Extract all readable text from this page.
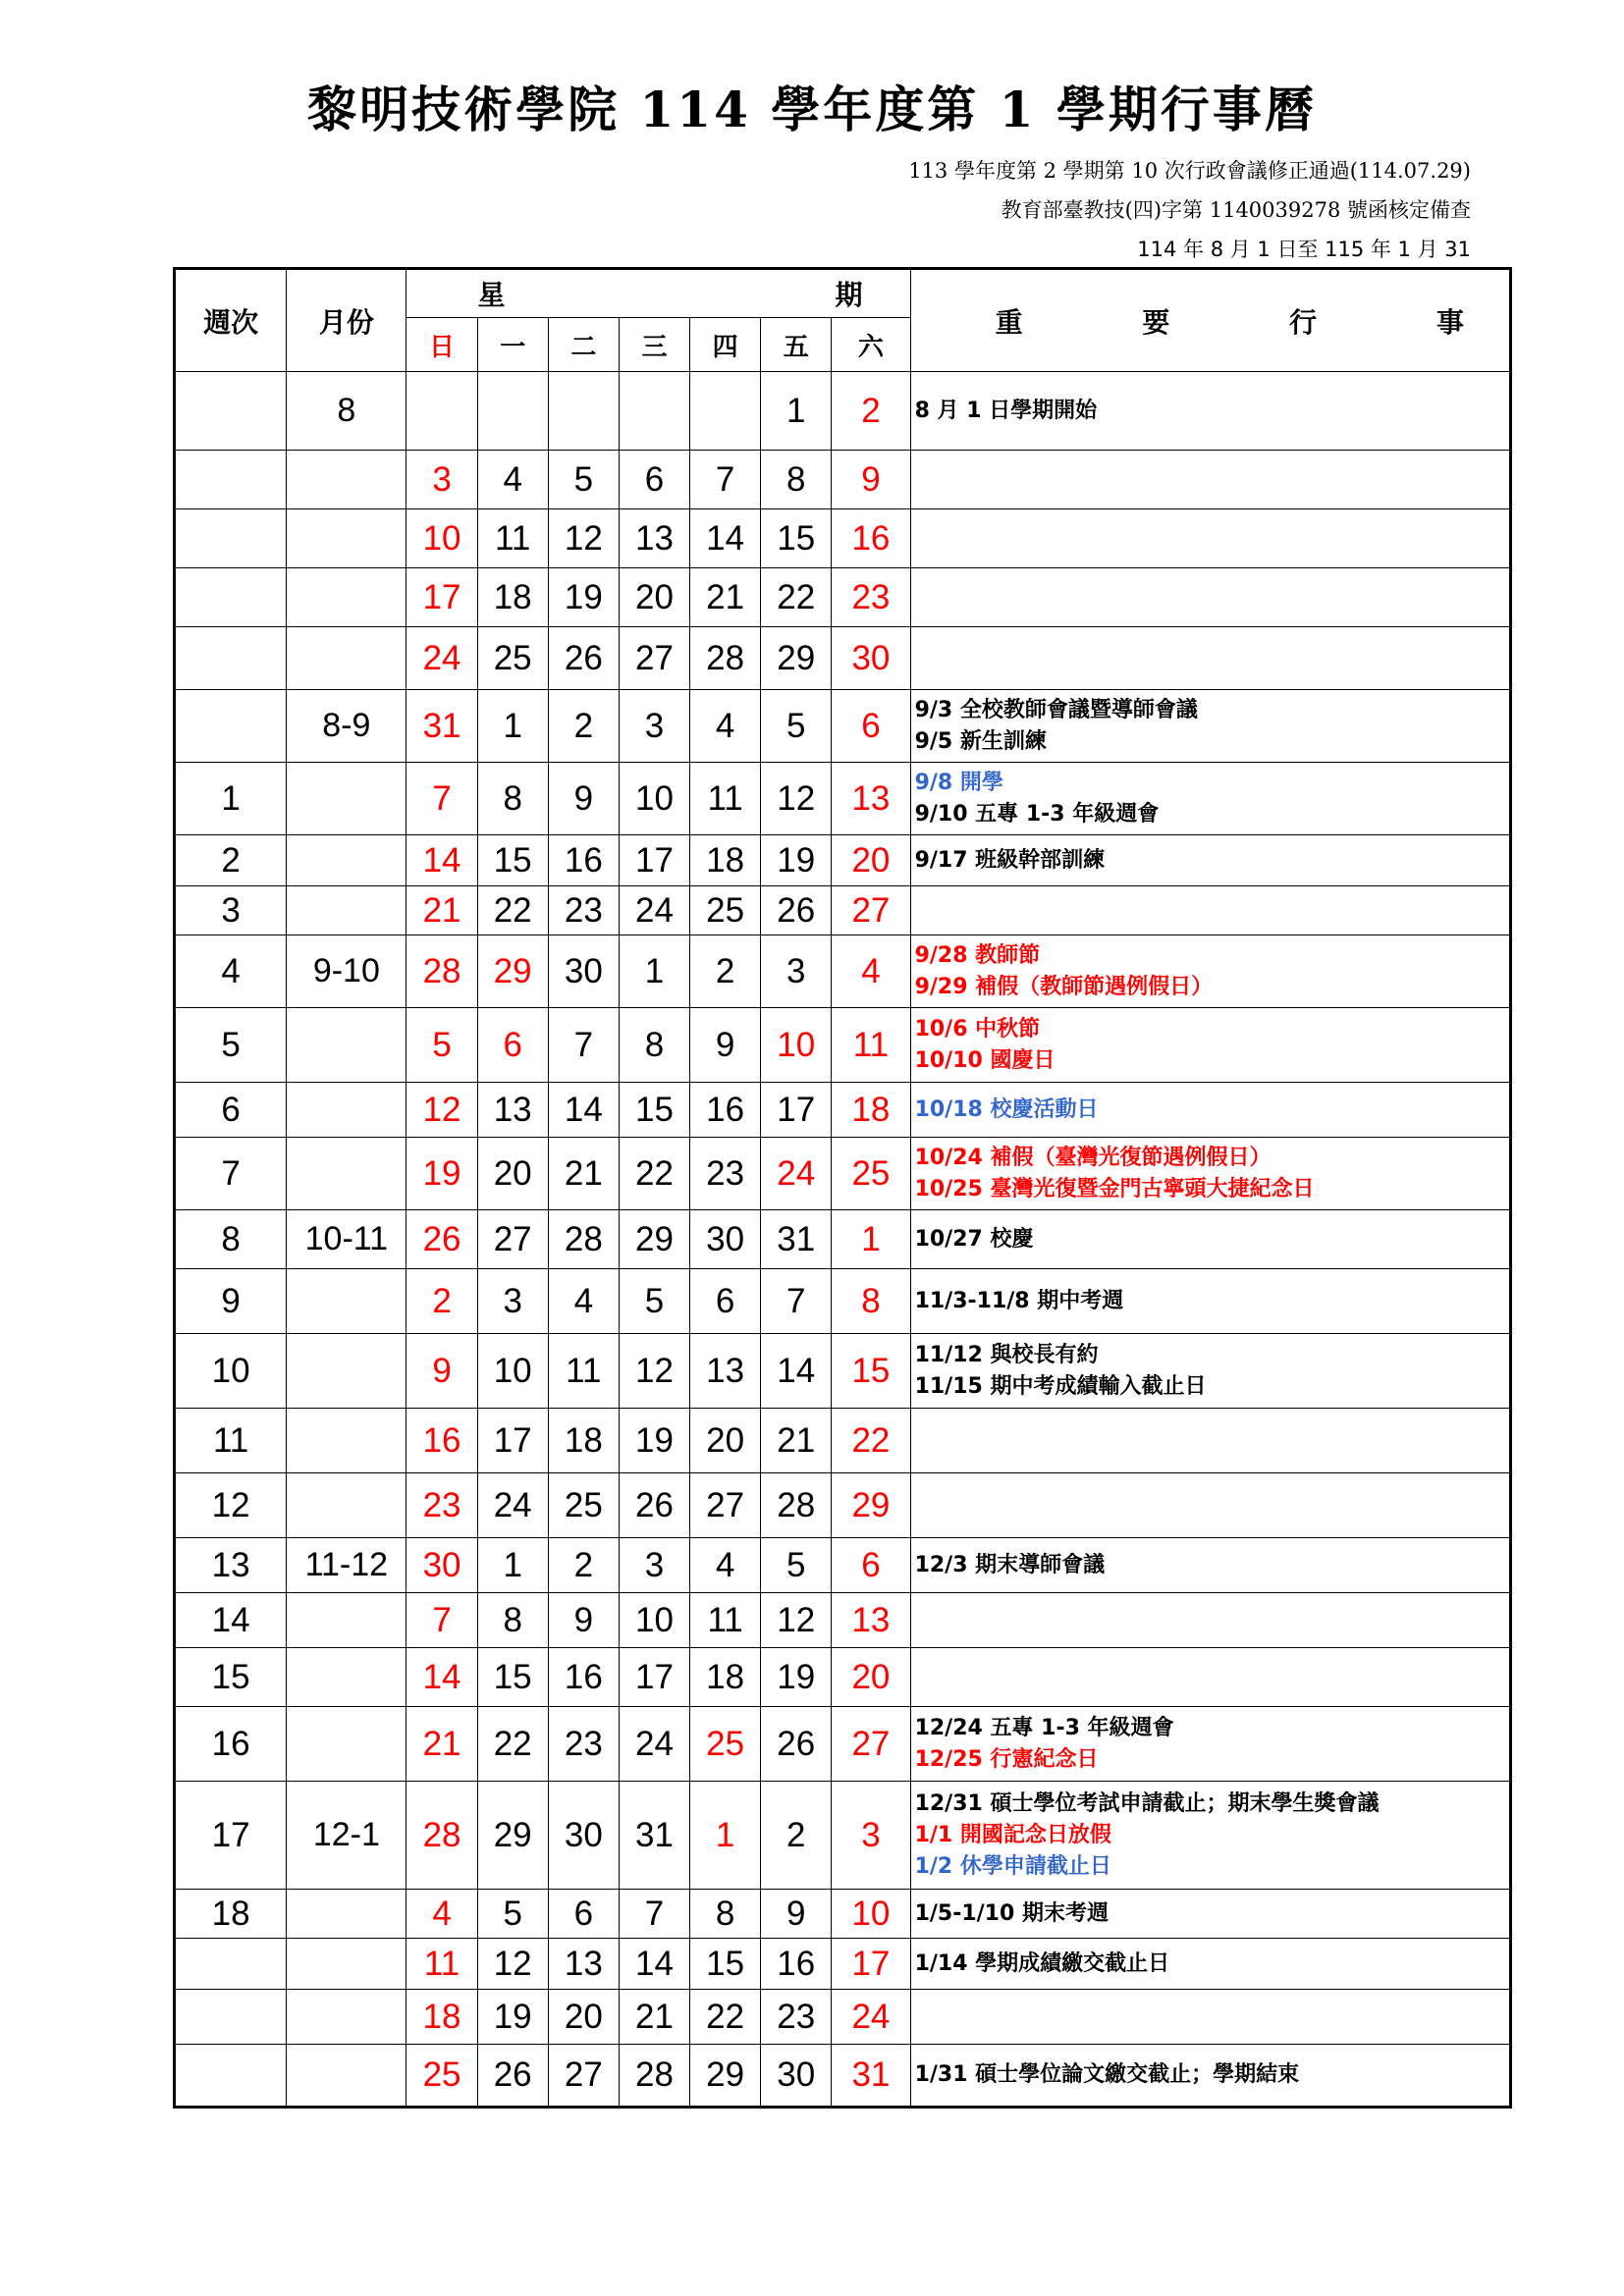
黎明技術學院 114 學年度第 1 學期行事曆
113 學年度第 2 學期第 10 次行政會議修正通過(114.07.29)
教育部臺教技(四)字第 1140039278 號函核定備查
114 年 8 月 1 日至 115 年 1 月 31
週次	月份	星 期							重 要 行 事

		日	一	二	三	四	五	六	
	8						1	2	8 月 1 日學期開始

		3	4	5	6	7	8	9	
		10	11	12	13	14	15	16	
		17	18	19	20	21	22	23	
		24	25	26	27	28	29	30	
	8-9	31	1	2	3	4	5	6	9/3 全校教師會議暨導師會議
9/5 新生訓練

1		7	8	9	10	11	12	13	9/8 開學
9/10 五專 1-3 年級週會

2		14	15	16	17	18	19	20	9/17 班級幹部訓練

3		21	22	23	24	25	26	27	
4	9-10	28	29	30	1	2	3	4	9/28 教師節
9/29 補假（教師節遇例假日）

5		5	6	7	8	9	10	11	10/6 中秋節
10/10 國慶日

6		12	13	14	15	16	17	18	10/18 校慶活動日

7		19	20	21	22	23	24	25	10/24 補假（臺灣光復節遇例假日）
10/25 臺灣光復暨金門古寧頭大捷紀念日

8	10-11	26	27	28	29	30	31	1	10/27 校慶

9		2	3	4	5	6	7	8	11/3-11/8 期中考週

10		9	10	11	12	13	14	15	11/12 與校長有約
11/15 期中考成績輸入截止日

11		16	17	18	19	20	21	22	
12		23	24	25	26	27	28	29	
13	11-12	30	1	2	3	4	5	6	12/3 期末導師會議

14		7	8	9	10	11	12	13	
15		14	15	16	17	18	19	20	
16		21	22	23	24	25	26	27	12/24 五專 1-3 年級週會
12/25 行憲紀念日

17	12-1	28	29	30	31	1	2	3	12/31 碩士學位考試申請截止；期末學生獎會議
1/1 開國記念日放假
1/2 休學申請截止日

18		4	5	6	7	8	9	10	1/5-1/10 期末考週

		11	12	13	14	15	16	17	1/14 學期成績繳交截止日

		18	19	20	21	22	23	24	
		25	26	27	28	29	30	31	1/31 碩士學位論文繳交截止；學期結束
